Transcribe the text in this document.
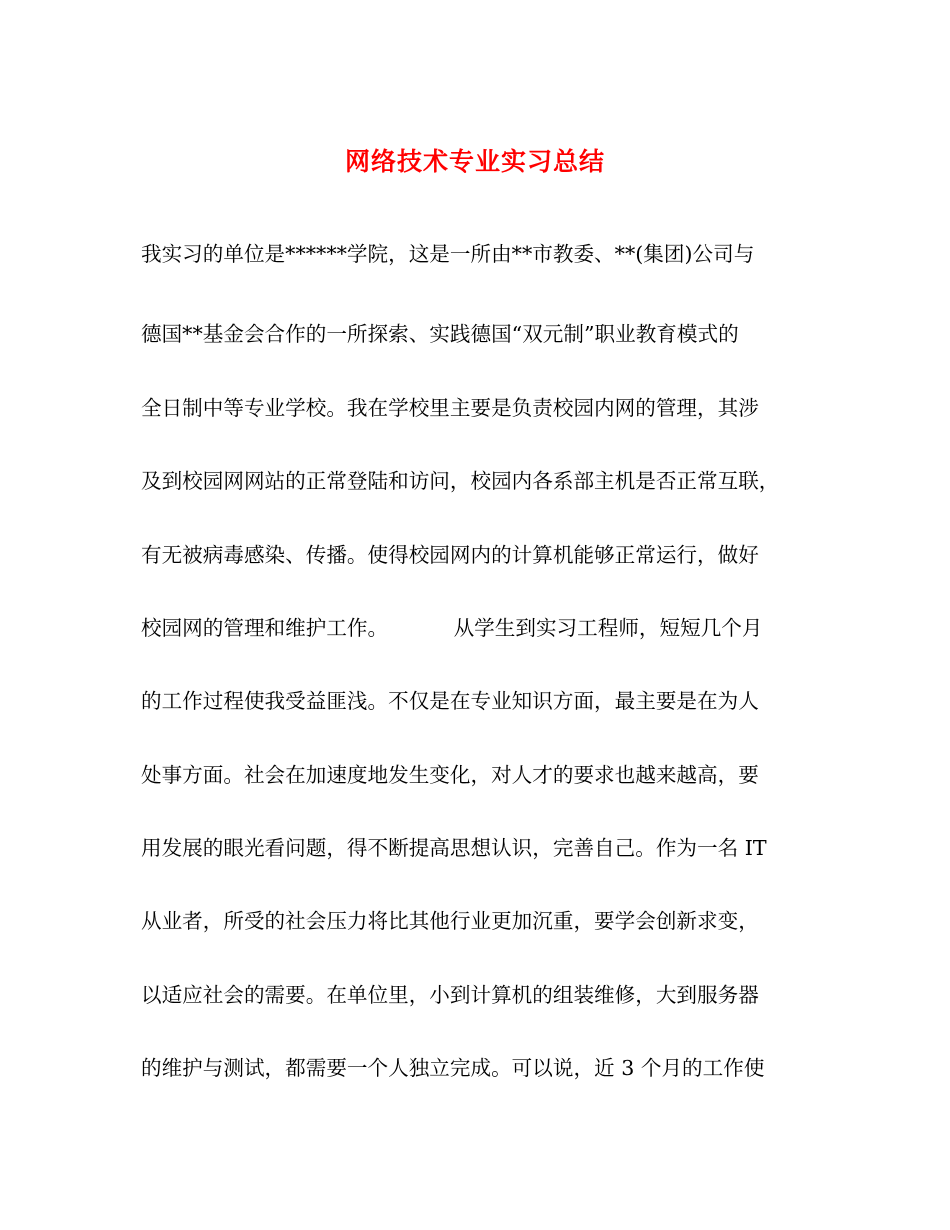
网络技术专业实习总结

我实习的单位是******学院，这是一所由**市教委、**(集团)公司与

德国**基金会合作的一所探索、实践德国“双元制”职业教育模式的

全日制中等专业学校。我在学校里主要是负责校园内网的管理，其涉

及到校园网网站的正常登陆和访问，校园内各系部主机是否正常互联，

有无被病毒感染、传播。使得校园网内的计算机能够正常运行，做好

校园网的管理和维护工作。          从学生到实习工程师，短短几个月

的工作过程使我受益匪浅。不仅是在专业知识方面，最主要是在为人

处事方面。社会在加速度地发生变化，对人才的要求也越来越高，要

用发展的眼光看问题，得不断提高思想认识，完善自己。作为一名 IT

从业者，所受的社会压力将比其他行业更加沉重，要学会创新求变，

以适应社会的需要。在单位里，小到计算机的组装维修，大到服务器

的维护与测试，都需要一个人独立完成。可以说，近 3 个月的工作使
